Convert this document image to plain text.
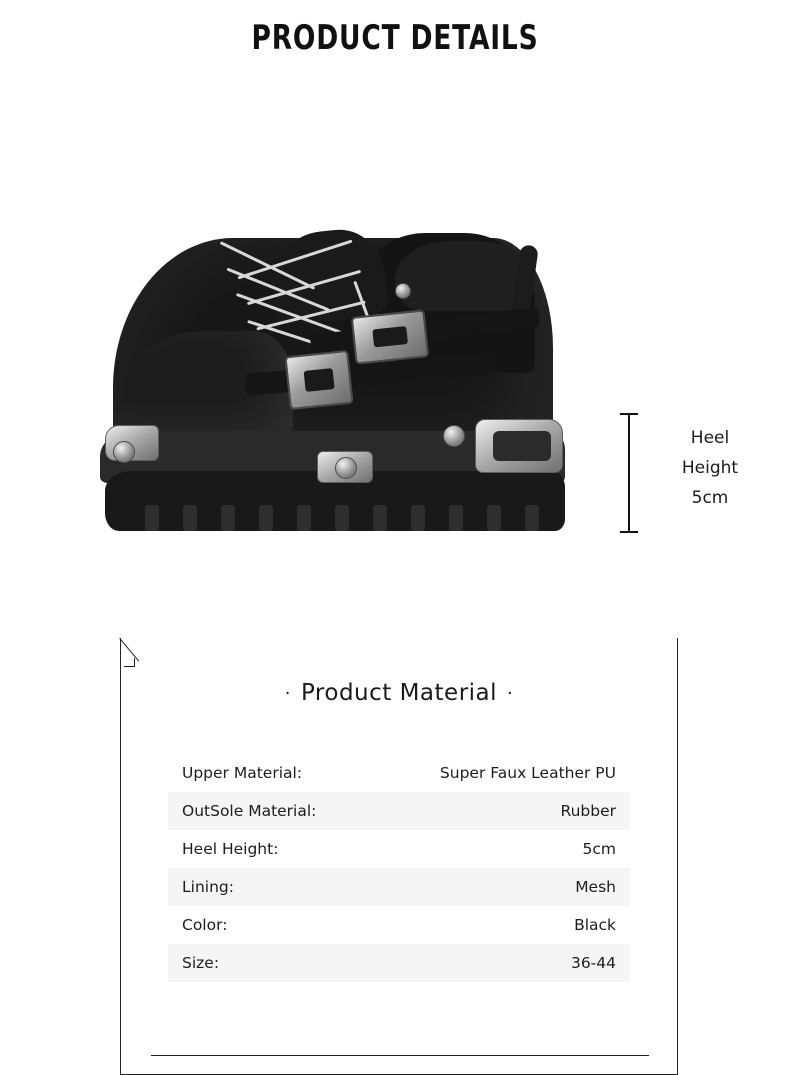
PRODUCT DETAILS
Heel
Height
5cm
· Product Material ·
Upper Material:	Super Faux Leather PU
OutSole Material:	Rubber
Heel Height:	5cm
Lining:	Mesh
Color:	Black
Size:	36-44
